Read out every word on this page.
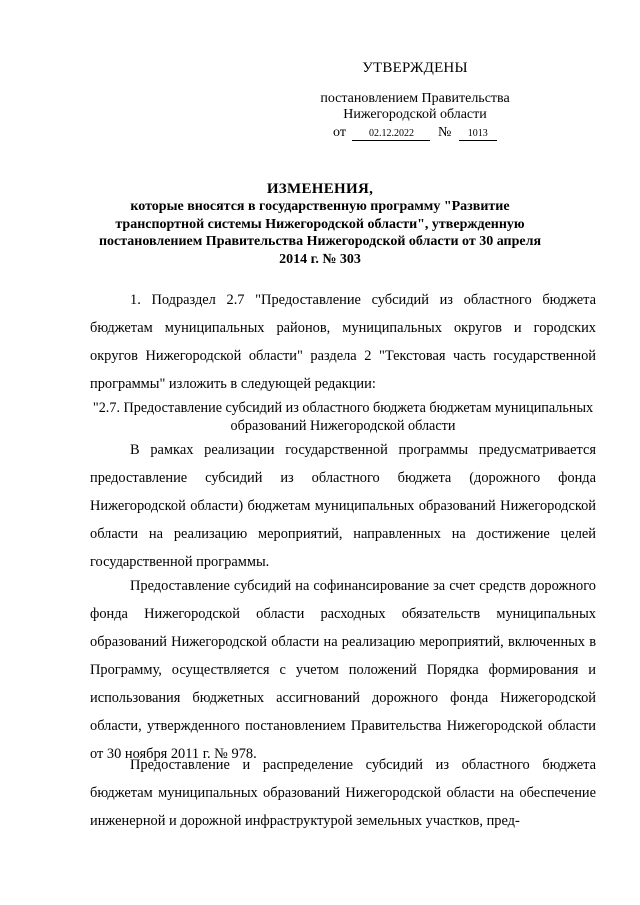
УТВЕРЖДЕНЫ
постановлением Правительства
Нижегородской области
от 02.12.2022 № 1013
ИЗМЕНЕНИЯ,
которые вносятся в государственную программу "Развитие транспортной системы Нижегородской области", утвержденную постановлением Правительства Нижегородской области от 30 апреля 2014 г. № 303

1. Подраздел 2.7 "Предоставление субсидий из областного бюджета бюджетам муниципальных районов, муниципальных округов и городских округов Нижегородской области" раздела 2 "Текстовая часть государственной программы" изложить в следующей редакции:

"2.7. Предоставление субсидий из областного бюджета бюджетам муниципальных образований Нижегородской области

В рамках реализации государственной программы предусматривается предоставление субсидий из областного бюджета (дорожного фонда Нижегородской области) бюджетам муниципальных образований Нижегородской области на реализацию мероприятий, направленных на достижение целей государственной программы.

Предоставление субсидий на софинансирование за счет средств дорожного фонда Нижегородской области расходных обязательств муниципальных образований Нижегородской области на реализацию мероприятий, включенных в Программу, осуществляется с учетом положений Порядка формирования и использования бюджетных ассигнований дорожного фонда Нижегородской области, утвержденного постановлением Правительства Нижегородской области от 30 ноября 2011 г. № 978.

Предоставление и распределение субсидий из областного бюджета бюджетам муниципальных образований Нижегородской области на обеспечение инженерной и дорожной инфраструктурой земельных участков, пред-
